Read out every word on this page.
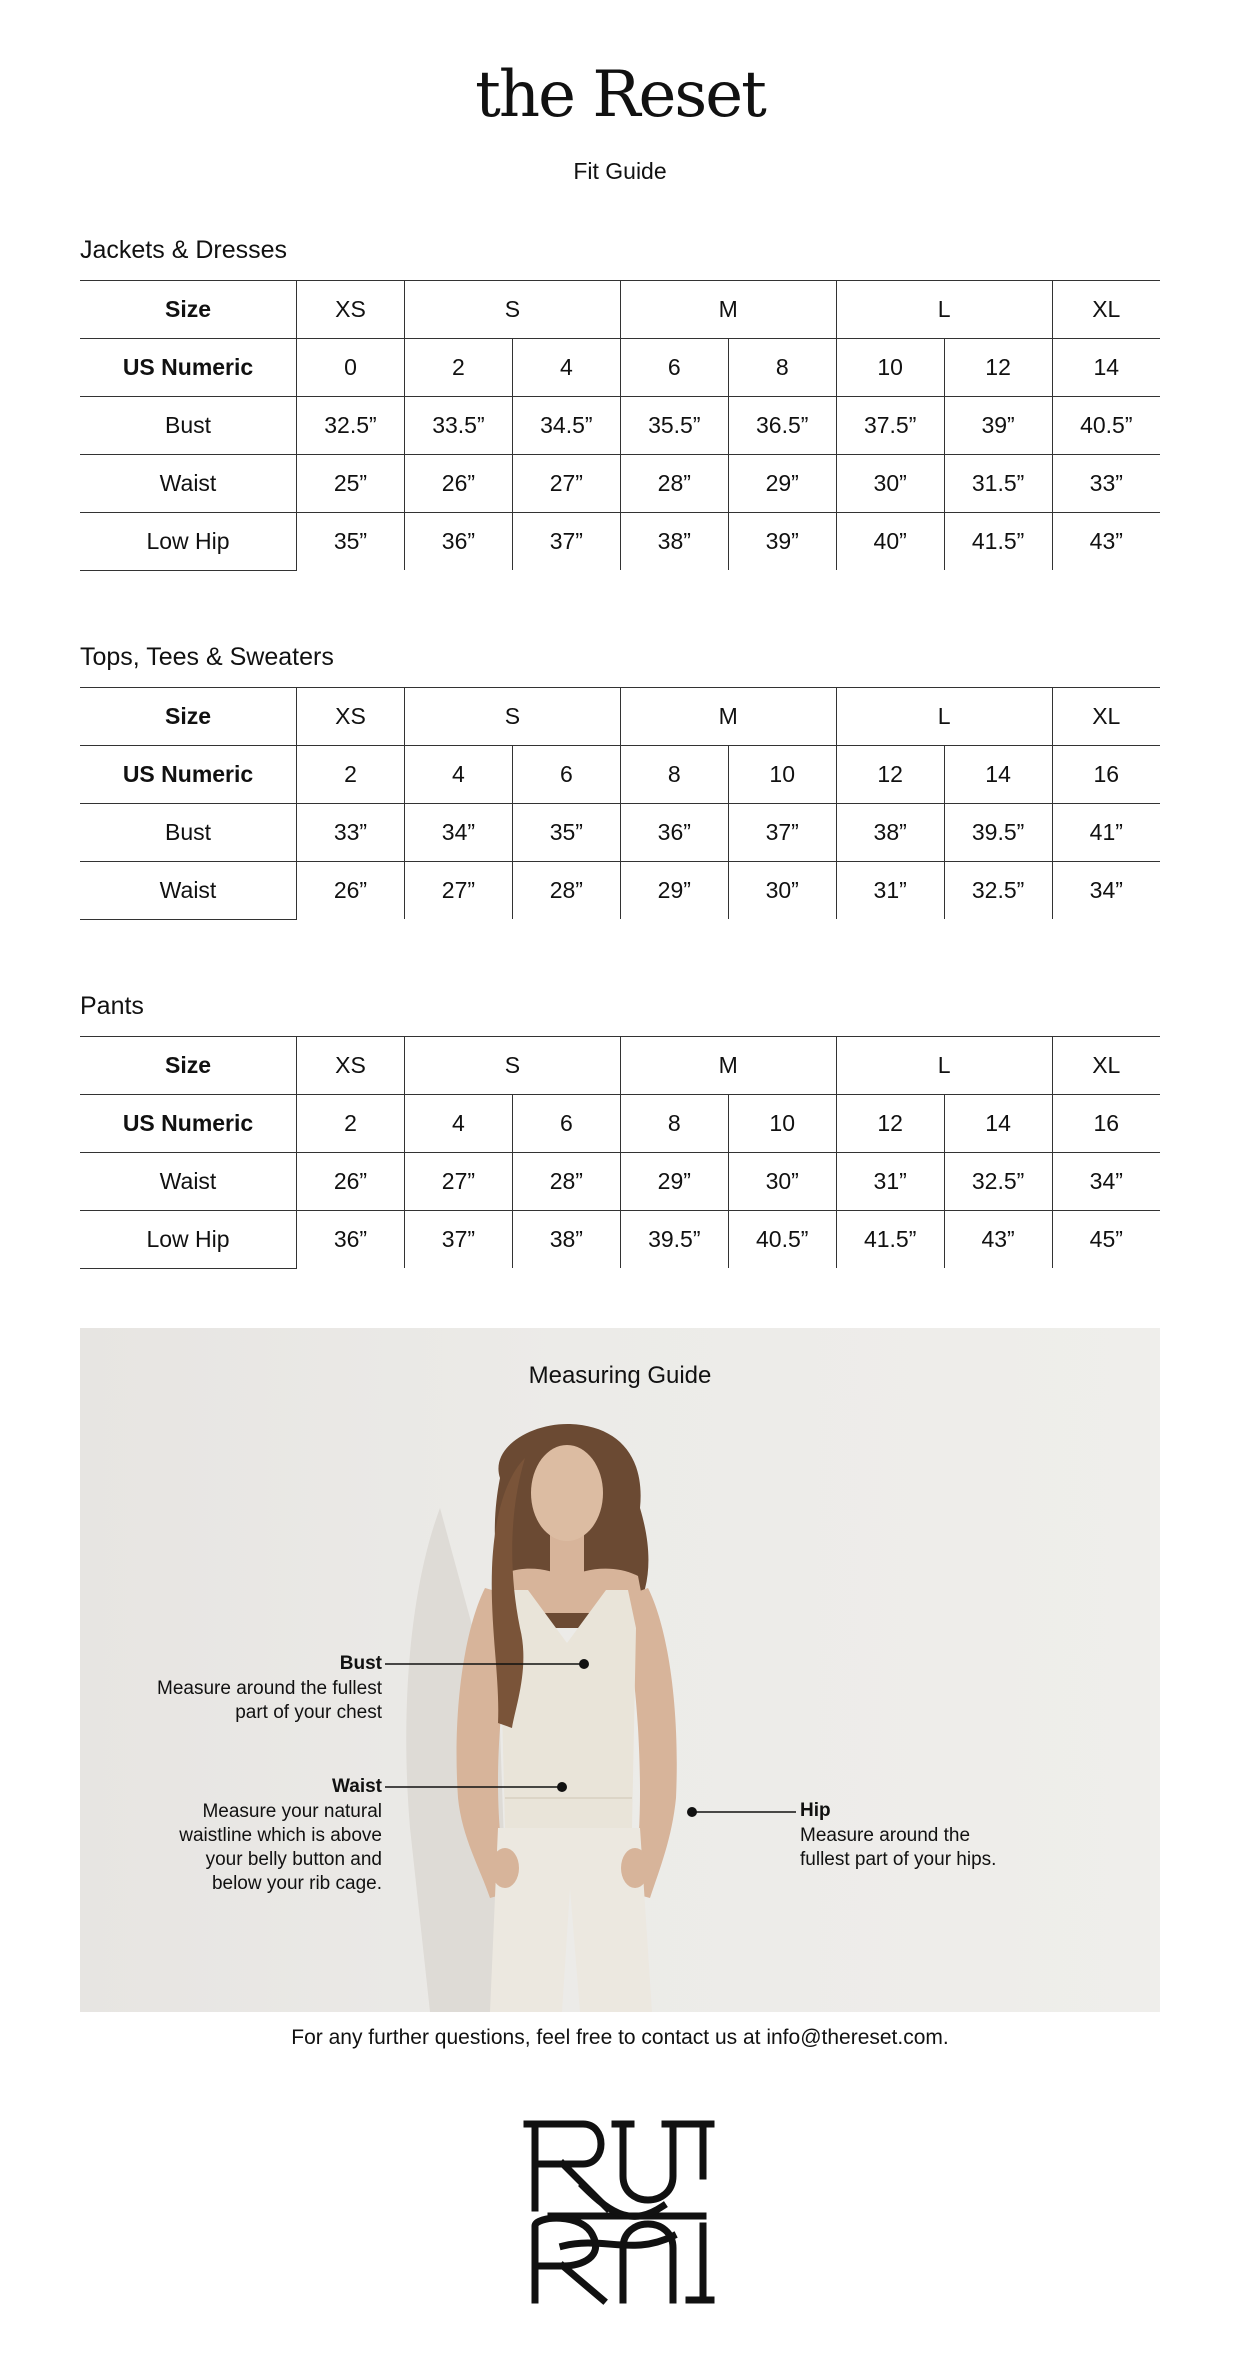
the Reset
Fit Guide
Jackets & Dresses
Size	XS	S		M		L		XL
US Numeric	0	2	4	6	8	10	12	14
Bust	32.5”	33.5”	34.5”	35.5”	36.5”	37.5”	39”	40.5”
Waist	25”	26”	27”	28”	29”	30”	31.5”	33”
Low Hip	35”	36”	37”	38”	39”	40”	41.5”	43”
Tops, Tees & Sweaters
Size	XS	S		M		L		XL
US Numeric	2	4	6	8	10	12	14	16
Bust	33”	34”	35”	36”	37”	38”	39.5”	41”
Waist	26”	27”	28”	29”	30”	31”	32.5”	34”
Pants
Size	XS	S		M		L		XL
US Numeric	2	4	6	8	10	12	14	16
Waist	26”	27”	28”	29”	30”	31”	32.5”	34”
Low Hip	36”	37”	38”	39.5”	40.5”	41.5”	43”	45”
Measuring Guide
Bust
Measure around the fullest
part of your chest
Waist
Measure your natural
waistline which is above
your belly button and
below your rib cage.
Hip
Measure around the
fullest part of your hips.
For any further questions, feel free to contact us at info@thereset.com.
